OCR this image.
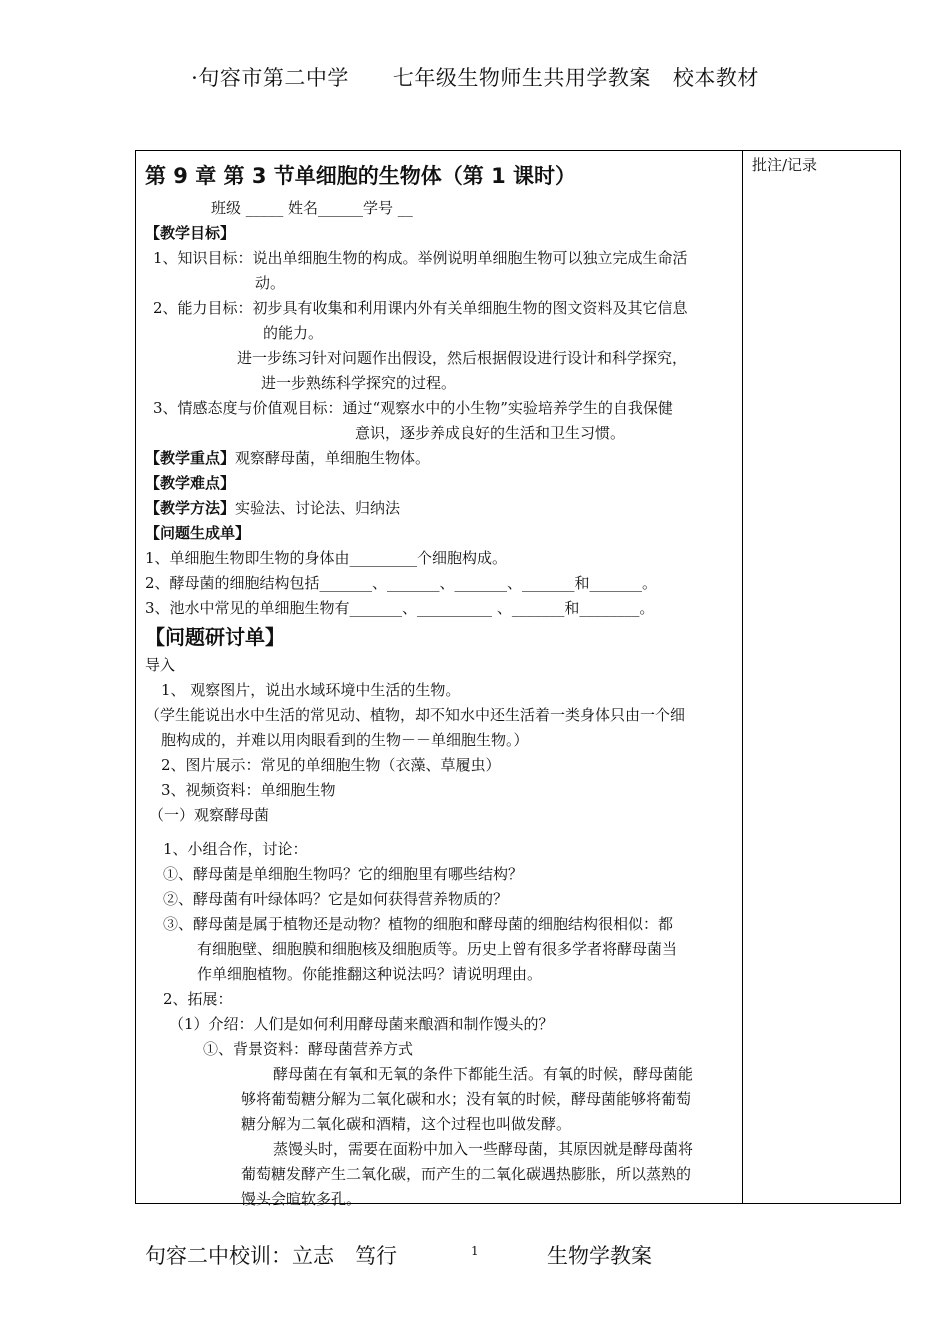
·句容市第二中学 七年级生物师生共用学教案 校本教材
批注/记录
第 9 章 第 3 节单细胞的生物体（第 1 课时）
班级 _____ 姓名______学号 __
【教学目标】
1、知识目标：说出单细胞生物的构成。举例说明单细胞生物可以独立完成生命活
动。
2、能力目标：初步具有收集和利用课内外有关单细胞生物的图文资料及其它信息
的能力。
进一步练习针对问题作出假设，然后根据假设进行设计和科学探究，
进一步熟练科学探究的过程。
3、情感态度与价值观目标：通过“观察水中的小生物”实验培养学生的自我保健
意识，逐步养成良好的生活和卫生习惯。
【教学重点】观察酵母菌，单细胞生物体。
【教学难点】
【教学方法】实验法、讨论法、归纳法
【问题生成单】
1、单细胞生物即生物的身体由_________个细胞构成。
2、酵母菌的细胞结构包括_______、_______、_______、_______和_______。
3、池水中常见的单细胞生物有_______、__________ 、_______和________。
【问题研讨单】
导入
1、 观察图片，说出水域环境中生活的生物。
（学生能说出水中生活的常见动、植物，却不知水中还生活着一类身体只由一个细
胞构成的，并难以用肉眼看到的生物－－单细胞生物。）
2、图片展示：常见的单细胞生物（衣藻、草履虫）
3、视频资料：单细胞生物
（一）观察酵母菌
1、小组合作，讨论：
①、酵母菌是单细胞生物吗？它的细胞里有哪些结构？
②、酵母菌有叶绿体吗？它是如何获得营养物质的？
③、酵母菌是属于植物还是动物？植物的细胞和酵母菌的细胞结构很相似：都
有细胞壁、细胞膜和细胞核及细胞质等。历史上曾有很多学者将酵母菌当
作单细胞植物。你能推翻这种说法吗？请说明理由。
2、拓展：
（1）介绍：人们是如何利用酵母菌来酿酒和制作馒头的？
①、背景资料：酵母菌营养方式
酵母菌在有氧和无氧的条件下都能生活。有氧的时候，酵母菌能
够将葡萄糖分解为二氧化碳和水；没有氧的时候，酵母菌能够将葡萄
糖分解为二氧化碳和酒精，这个过程也叫做发酵。
蒸馒头时，需要在面粉中加入一些酵母菌，其原因就是酵母菌将
葡萄糖发酵产生二氧化碳，而产生的二氧化碳遇热膨胀，所以蒸熟的
馒头会暄软多孔。
句容二中校训：立志　笃行	1	生物学教案
